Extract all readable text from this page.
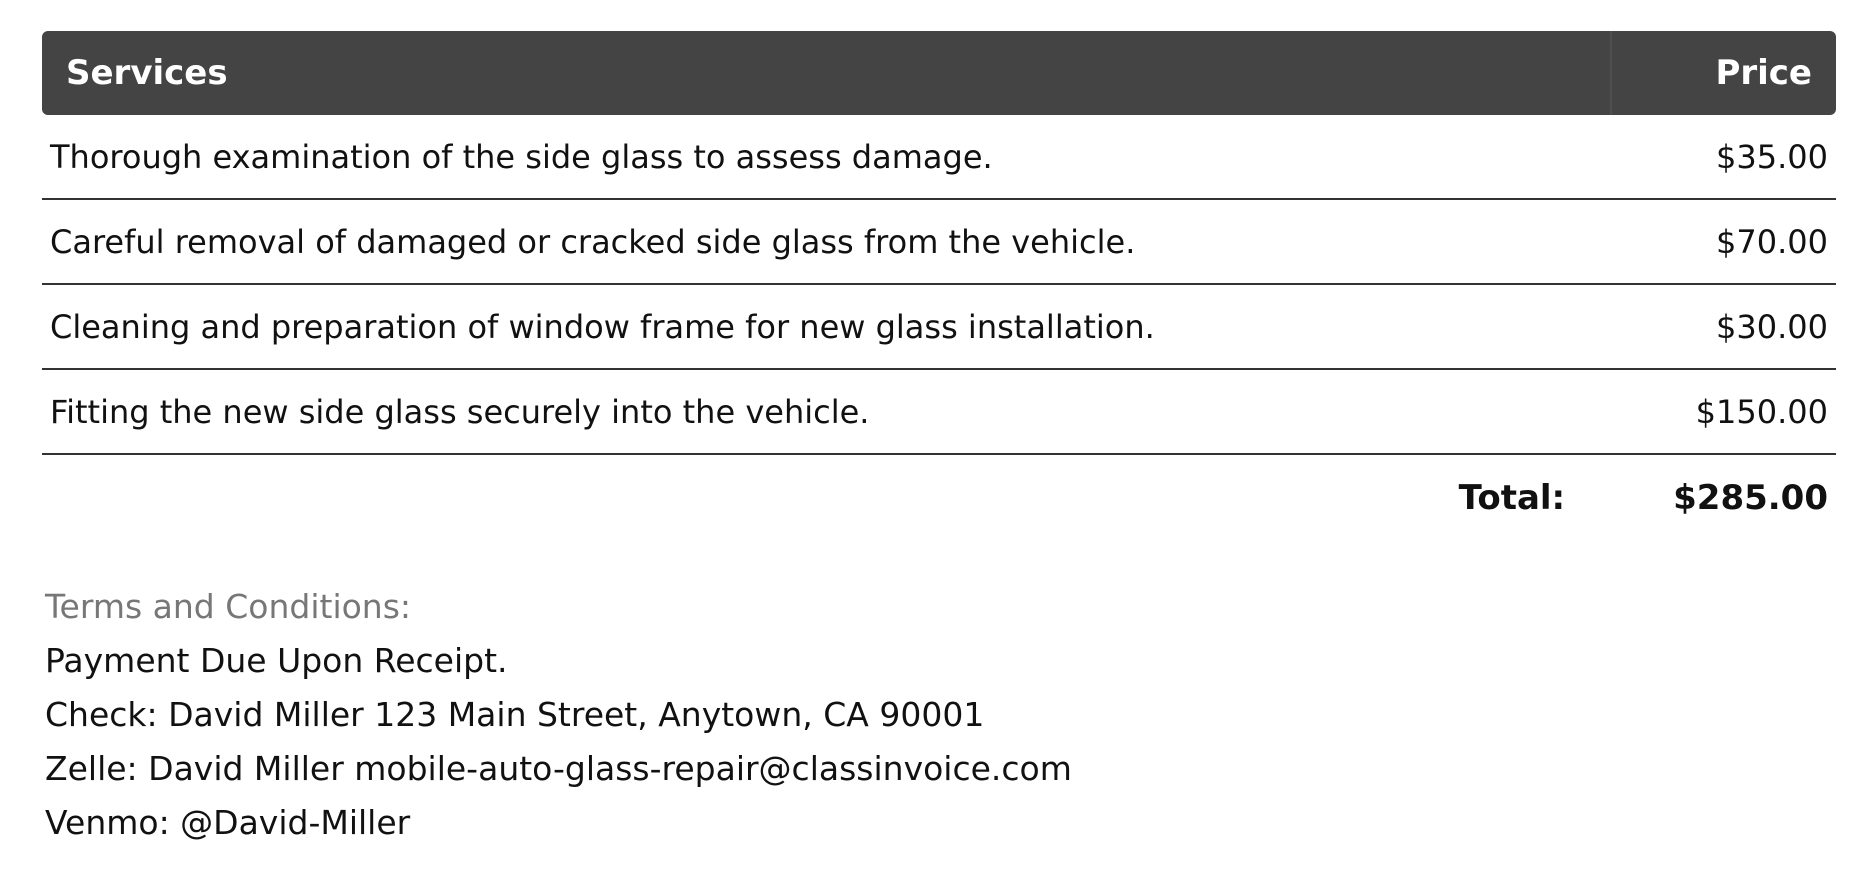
Services	Price
Thorough examination of the side glass to assess damage.	$35.00
Careful removal of damaged or cracked side glass from the vehicle.	$70.00
Cleaning and preparation of window frame for new glass installation.	$30.00
Fitting the new side glass securely into the vehicle.	$150.00
Total:	$285.00
Terms and Conditions:
Payment Due Upon Receipt.
Check: David Miller 123 Main Street, Anytown, CA 90001
Zelle: David Miller mobile-auto-glass-repair@classinvoice.com
Venmo: @David-Miller
